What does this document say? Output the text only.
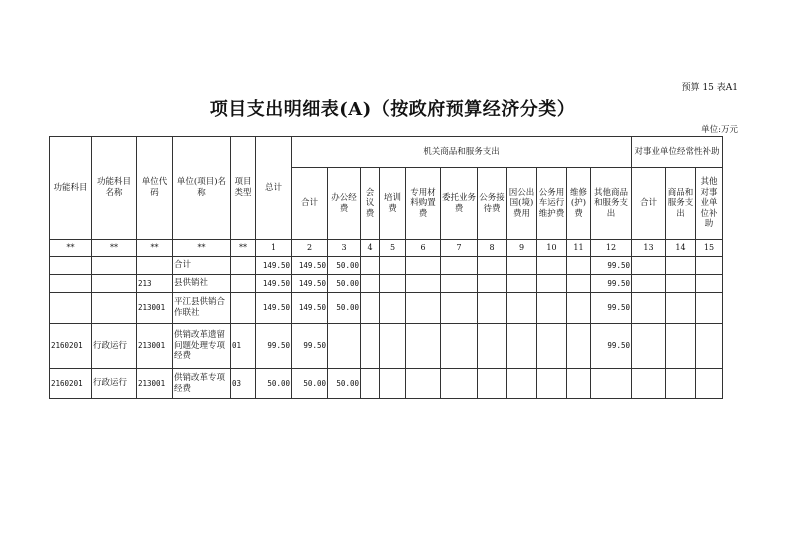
预算 15 表A1
项目支出明细表(A)（按政府预算经济分类）
单位:万元
功能科目	功能科目名称	单位代码	单位(项目)名称	项目类型	总计	机关商品和服务支出											对事业单位经常性补助		
						合计	办公经费	会议费	培训费	专用材料购置费	委托业务费	公务接待费	因公出国(境)费用	公务用车运行维护费	维修(护)费	其他商品和服务支出	合计	商品和服务支出	其他对事业单位补助
**	**	**	**	**	1	2	3	4	5	6	7	8	9	10	11	12	13	14	15
			合计		149.50	149.50	50.00									99.50			
		213	县供销社		149.50	149.50	50.00									99.50			
		213001	平江县供销合作联社		149.50	149.50	50.00									99.50			
2160201	行政运行	213001	供销改革遗留问题处理专项经费	01	99.50	99.50										99.50			
2160201	行政运行	213001	供销改革专项经费	03	50.00	50.00	50.00												
